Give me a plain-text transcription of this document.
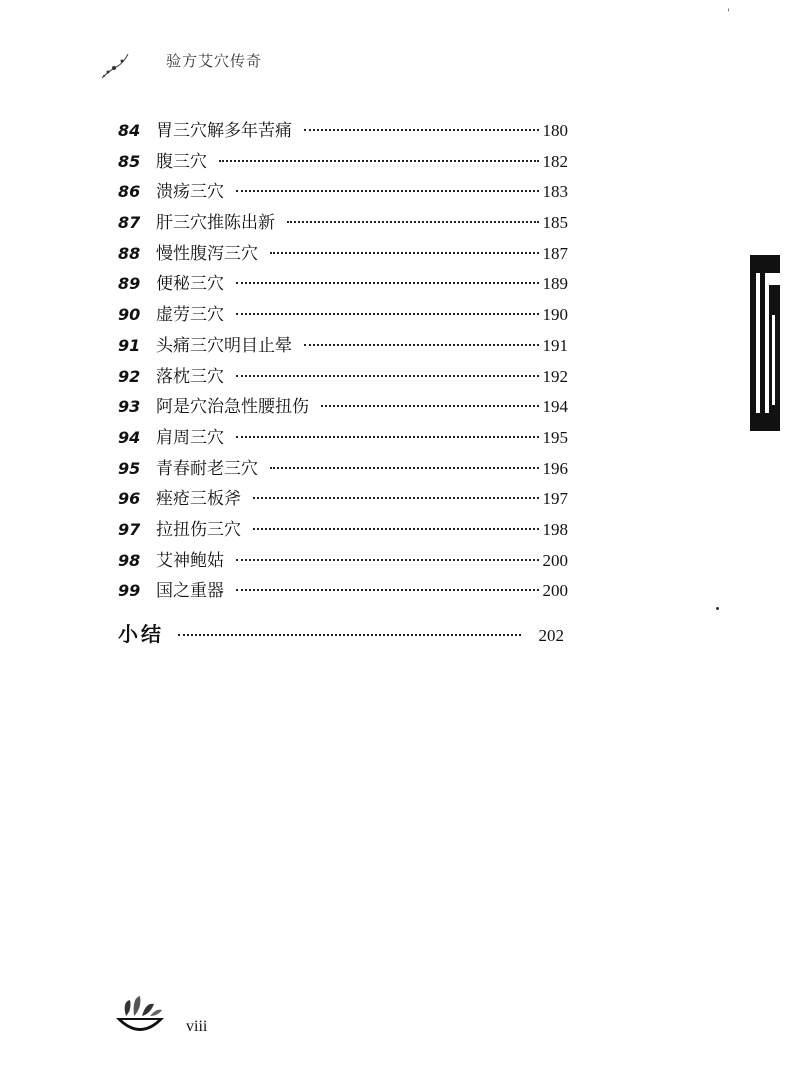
验方艾穴传奇
'
84 胃三穴解多年苦痛	180
85 腹三穴	182
86 溃疡三穴	183
87 肝三穴推陈出新	185
88 慢性腹泻三穴	187
89 便秘三穴	189
90 虚劳三穴	190
91 头痛三穴明目止晕	191
92 落枕三穴	192
93 阿是穴治急性腰扭伤	194
94 肩周三穴	195
95 青春耐老三穴	196
96 痤疮三板斧	197
97 拉扭伤三穴	198
98 艾神鲍姑	200
99 国之重器	200
小结	202
viii
